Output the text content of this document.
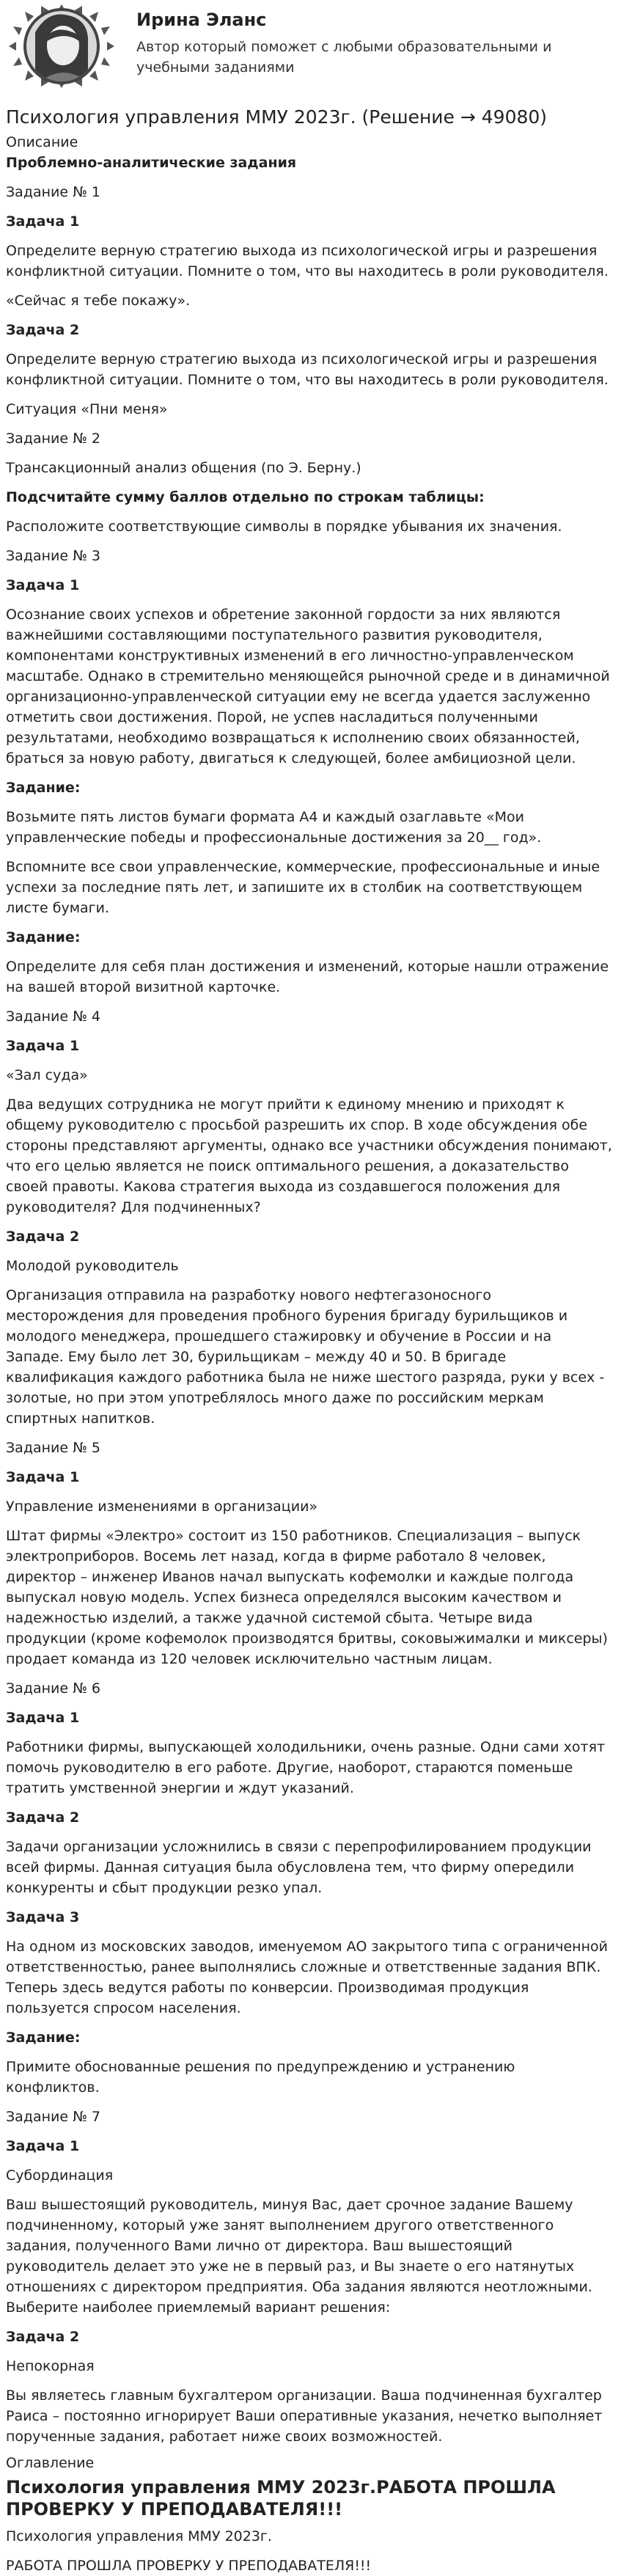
Ирина Эланс
Автор который поможет с любыми образовательными и учебными заданиями
Психология управления ММУ 2023г. (Решение → 49080)
Описание
Проблемно-аналитические задания

Задание № 1

Задача 1

Определите верную стратегию выхода из психологической игры и разрешения конфликтной ситуации. Помните о том, что вы находитесь в роли руководителя.

«Сейчас я тебе покажу».

Задача 2

Определите верную стратегию выхода из психологической игры и разрешения конфликтной ситуации. Помните о том, что вы находитесь в роли руководителя.

Ситуация «Пни меня»

Задание № 2

Трансакционный анализ общения (по Э. Берну.)

Подсчитайте сумму баллов отдельно по строкам таблицы:

Расположите соответствующие символы в порядке убывания их значения.

Задание № 3

Задача 1

Осознание своих успехов и обретение законной гордости за них являются важнейшими составляющими поступательного развития руководителя, компонентами конструктивных изменений в его личностно-управленческом масштабе. Однако в стремительно меняющейся рыночной среде и в динамичной организационно-управленческой ситуации ему не всегда удается заслуженно отметить свои достижения. Порой, не успев насладиться полученными результатами, необходимо возвращаться к исполнению своих обязанностей, браться за новую работу, двигаться к следующей, более амбициозной цели.

Задание:

Возьмите пять листов бумаги формата А4 и каждый озаглавьте «Мои управленческие победы и профессиональные достижения за 20__ год».

Вспомните все свои управленческие, коммерческие, профессиональные и иные успехи за последние пять лет, и запишите их в столбик на соответствующем листе бумаги.

Задание:

Определите для себя план достижения и изменений, которые нашли отражение на вашей второй визитной карточке.

Задание № 4

Задача 1

«Зал суда»

Два ведущих сотрудника не могут прийти к единому мнению и приходят к общему руководителю с просьбой разрешить их спор. В ходе обсуждения обе стороны представляют аргументы, однако все участники обсуждения понимают, что его целью является не поиск оптимального решения, а доказательство своей правоты. Какова стратегия выхода из создавшегося положения для руководителя? Для подчиненных?

Задача 2

Молодой руководитель

Организация отправила на разработку нового нефтегазоносного месторождения для проведения пробного бурения бригаду бурильщиков и молодого менеджера, прошедшего стажировку и обучение в России и на Западе. Ему было лет 30, бурильщикам – между 40 и 50. В бригаде квалификация каждого работника была не ниже шестого разряда, руки у всех - золотые, но при этом употреблялось много даже по российским меркам спиртных напитков.

Задание № 5

Задача 1

Управление изменениями в организации»

Штат фирмы «Электро» состоит из 150 работников. Специализация – выпуск электроприборов. Восемь лет назад, когда в фирме работало 8 человек, директор – инженер Иванов начал выпускать кофемолки и каждые полгода выпускал новую модель. Успех бизнеса определялся высоким качеством и надежностью изделий, а также удачной системой сбыта. Четыре вида продукции (кроме кофемолок производятся бритвы, соковыжималки и миксеры) продает команда из 120 человек исключительно частным лицам.

Задание № 6

Задача 1

Работники фирмы, выпускающей холодильники, очень разные. Одни сами хотят помочь руководителю в его работе. Другие, наоборот, стараются поменьше тратить умственной энергии и ждут указаний.

Задача 2

Задачи организации усложнились в связи с перепрофилированием продукции всей фирмы. Данная ситуация была обусловлена тем, что фирму опередили конкуренты и сбыт продукции резко упал.

Задача 3

На одном из московских заводов, именуемом АО закрытого типа с ограниченной ответственностью, ранее выполнялись сложные и ответственные задания ВПК. Теперь здесь ведутся работы по конверсии. Производимая продукция пользуется спросом населения.

Задание:

Примите обоснованные решения по предупреждению и устранению конфликтов.

Задание № 7

Задача 1

Субординация

Ваш вышестоящий руководитель, минуя Вас, дает срочное задание Вашему подчиненному, который уже занят выполнением другого ответственного задания, полученного Вами лично от директора. Ваш вышестоящий руководитель делает это уже не в первый раз, и Вы знаете о его натянутых отношениях с директором предприятия. Оба задания являются неотложными. Выберите наиболее приемлемый вариант решения:

Задача 2

Непокорная

Вы являетесь главным бухгалтером организации. Ваша подчиненная бухгалтер Раиса – постоянно игнорирует Ваши оперативные указания, нечетко выполняет порученные задания, работает ниже своих возможностей.

Оглавление
Психология управления ММУ 2023г.РАБОТА ПРОШЛА ПРОВЕРКУ У ПРЕПОДАВАТЕЛЯ!!!
Психология управления ММУ 2023г.

РАБОТА ПРОШЛА ПРОВЕРКУ У ПРЕПОДАВАТЕЛЯ!!!
